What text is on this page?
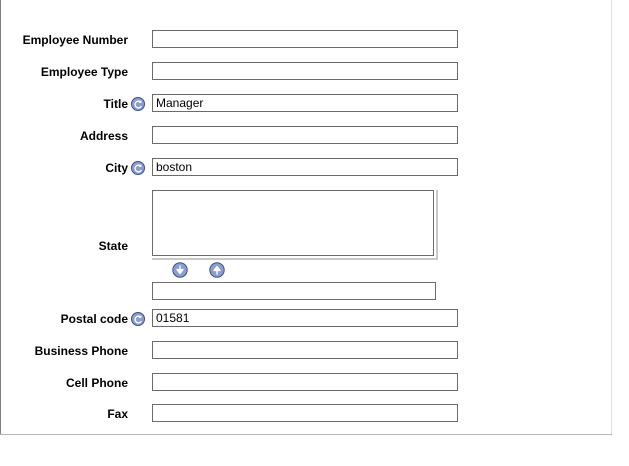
Employee Number
Employee Type
Title Manager
Address
City boston
State
Postal code 01581
Business Phone
Cell Phone
Fax
